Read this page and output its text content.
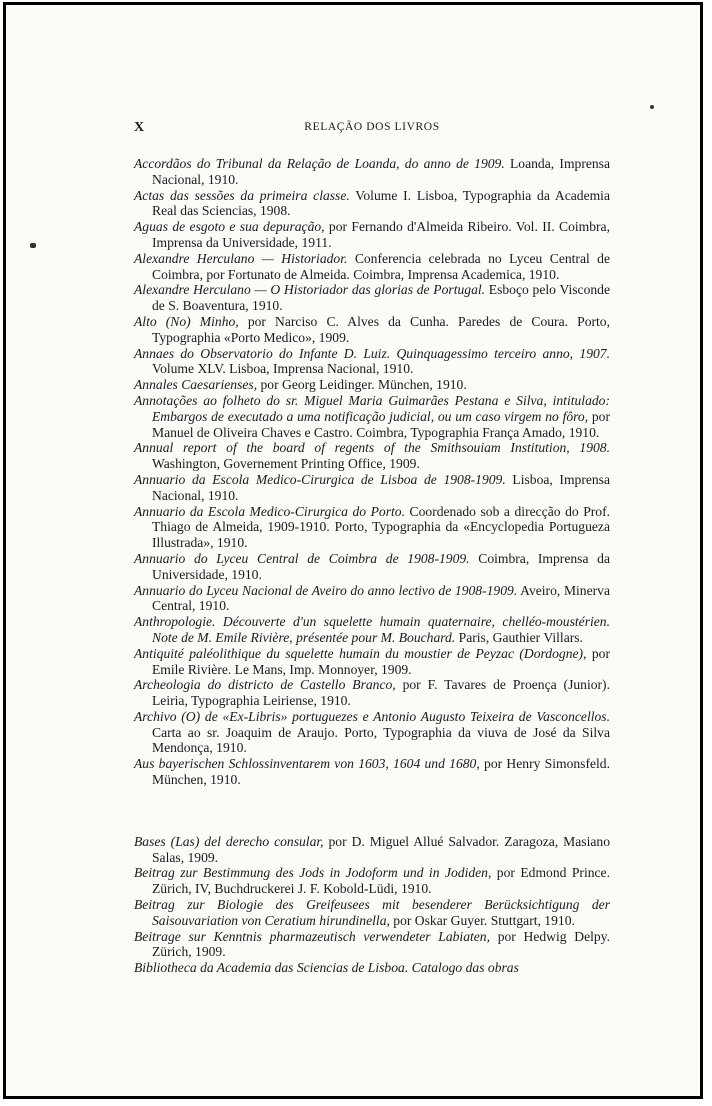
X	RELAÇÃO DOS LIVROS

Accordãos do Tribunal da Relação de Loanda, do anno de 1909. Loanda, Imprensa Nacional, 1910.

Actas das sessões da primeira classe. Volume I. Lisboa, Typographia da Academia Real das Sciencias, 1908.

Aguas de esgoto e sua depuração, por Fernando d'Almeida Ribeiro. Vol. II. Coimbra, Imprensa da Universidade, 1911.

Alexandre Herculano — Historiador. Conferencia celebrada no Lyceu Central de Coimbra, por Fortunato de Almeida. Coimbra, Imprensa Academica, 1910.

Alexandre Herculano — O Historiador das glorias de Portugal. Esboço pelo Visconde de S. Boaventura, 1910.

Alto (No) Minho, por Narciso C. Alves da Cunha. Paredes de Coura. Porto, Typographia «Porto Medico», 1909.

Annaes do Observatorio do Infante D. Luiz. Quinquagessimo terceiro anno, 1907. Volume XLV. Lisboa, Imprensa Nacional, 1910.

Annales Caesarienses, por Georg Leidinger. München, 1910.

Annotações ao folheto do sr. Miguel Maria Guimarães Pestana e Silva, intitulado: Embargos de executado a uma notificação judicial, ou um caso virgem no fôro, por Manuel de Oliveira Chaves e Castro. Coimbra, Typographia França Amado, 1910.

Annual report of the board of regents of the Smithsouiam Institution, 1908. Washington, Governement Printing Office, 1909.

Annuario da Escola Medico-Cirurgica de Lisboa de 1908-1909. Lisboa, Imprensa Nacional, 1910.

Annuario da Escola Medico-Cirurgica do Porto. Coordenado sob a direcção do Prof. Thiago de Almeida, 1909-1910. Porto, Typographia da «Encyclopedia Portugueza Illustrada», 1910.

Annuario do Lyceu Central de Coimbra de 1908-1909. Coimbra, Imprensa da Universidade, 1910.

Annuario do Lyceu Nacional de Aveiro do anno lectivo de 1908-1909. Aveiro, Minerva Central, 1910.

Anthropologie. Découverte d'un squelette humain quaternaire, chelléo-moustérien. Note de M. Emile Rivière, présentée pour M. Bouchard. Paris, Gauthier Villars.

Antiquité paléolithique du squelette humain du moustier de Peyzac (Dordogne), por Emile Rivière. Le Mans, Imp. Monnoyer, 1909.

Archeologia do districto de Castello Branco, por F. Tavares de Proença (Junior). Leiria, Typographia Leiriense, 1910.

Archivo (O) de «Ex-Libris» portuguezes e Antonio Augusto Teixeira de Vasconcellos. Carta ao sr. Joaquim de Araujo. Porto, Typographia da viuva de José da Silva Mendonça, 1910.

Aus bayerischen Schlossinventarem von 1603, 1604 und 1680, por Henry Simonsfeld. München, 1910.

Bases (Las) del derecho consular, por D. Miguel Allué Salvador. Zaragoza, Masiano Salas, 1909.

Beitrag zur Bestimmung des Jods in Jodoform und in Jodiden, por Edmond Prince. Zürich, IV, Buchdruckerei J. F. Kobold-Lüdi, 1910.

Beitrag zur Biologie des Greifeusees mit besenderer Berücksichtigung der Saisouvariation von Ceratium hirundinella, por Oskar Guyer. Stuttgart, 1910.

Beitrage sur Kenntnis pharmazeutisch verwendeter Labiaten, por Hedwig Delpy. Zürich, 1909.

Bibliotheca da Academia das Sciencias de Lisboa. Catalogo das obras
